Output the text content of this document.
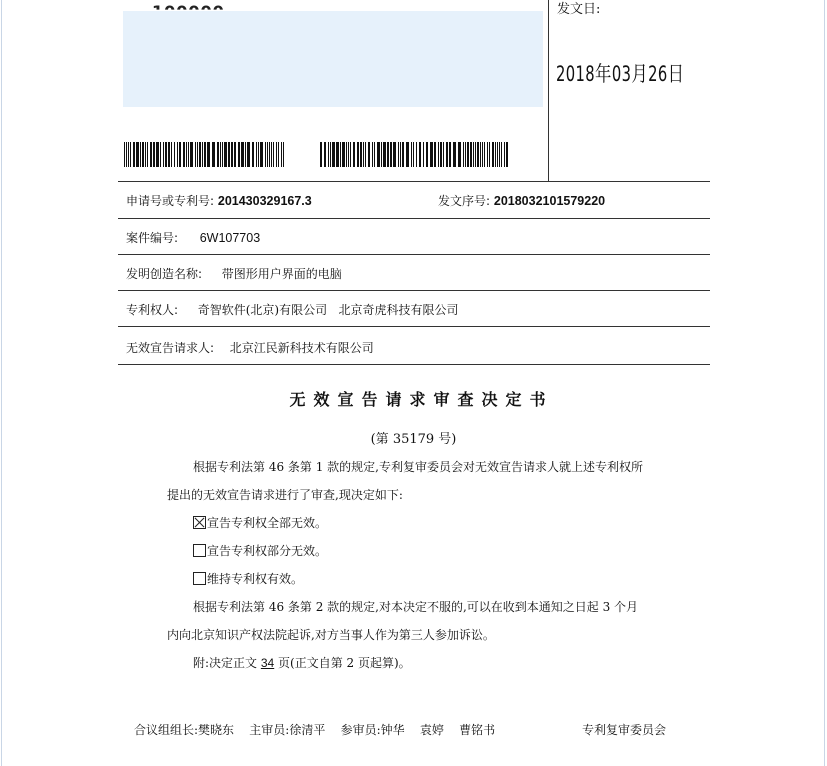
发文日:
2018年03月26日
申请号或专利号: 201430329167.3	发文序号: 2018032101579220
案件编号: 6W107703
发明创造名称: 带图形用户界面的电脑
专利权人: 奇智软件(北京)有限公司   北京奇虎科技有限公司
无效宣告请求人: 北京江民新科技术有限公司
无效宣告请求审查决定书
(第 35179 号)
根据专利法第 46 条第 1 款的规定,专利复审委员会对无效宣告请求人就上述专利权所
提出的无效宣告请求进行了审查,现决定如下:
宣告专利权全部无效。
宣告专利权部分无效。
维持专利权有效。
根据专利法第 46 条第 2 款的规定,对本决定不服的,可以在收到本通知之日起 3 个月
内向北京知识产权法院起诉,对方当事人作为第三人参加诉讼。
附:决定正文 34 页(正文自第 2 页起算)。
合议组组长:樊晓东    主审员:徐清平    参审员:钟华    袁婷    曹铭书	专利复审委员会
